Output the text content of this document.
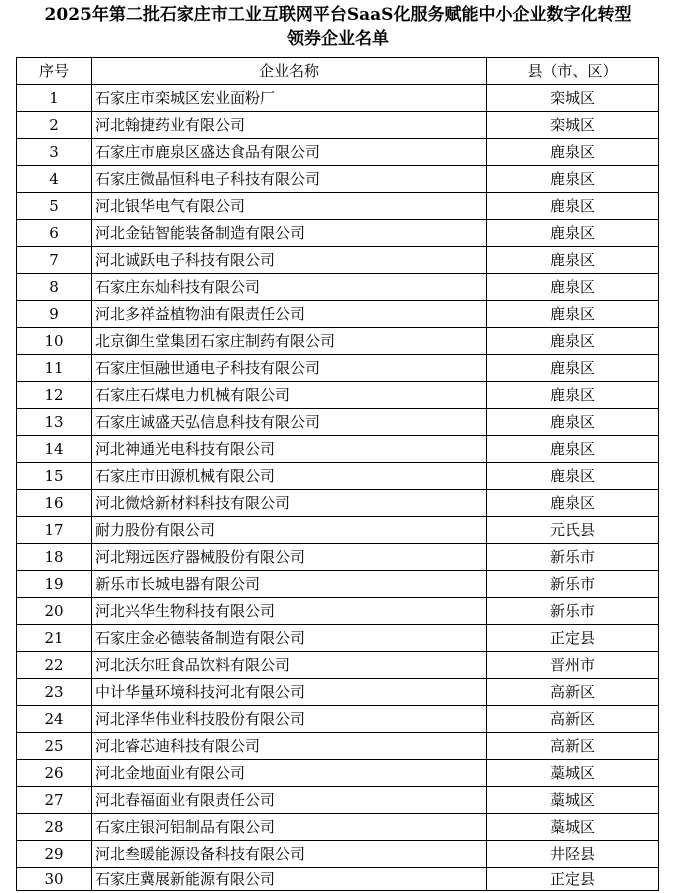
2025年第二批石家庄市工业互联网平台SaaS化服务赋能中小企业数字化转型
领券企业名单
序号	企业名称	县（市、区）
1	石家庄市栾城区宏业面粉厂	栾城区
2	河北翰捷药业有限公司	栾城区
3	石家庄市鹿泉区盛达食品有限公司	鹿泉区
4	石家庄微晶恒科电子科技有限公司	鹿泉区
5	河北银华电气有限公司	鹿泉区
6	河北金钻智能装备制造有限公司	鹿泉区
7	河北诚跃电子科技有限公司	鹿泉区
8	石家庄东灿科技有限公司	鹿泉区
9	河北多祥益植物油有限责任公司	鹿泉区
10	北京御生堂集团石家庄制药有限公司	鹿泉区
11	石家庄恒融世通电子科技有限公司	鹿泉区
12	石家庄石煤电力机械有限公司	鹿泉区
13	石家庄诚盛天弘信息科技有限公司	鹿泉区
14	河北神通光电科技有限公司	鹿泉区
15	石家庄市田源机械有限公司	鹿泉区
16	河北微焓新材料科技有限公司	鹿泉区
17	耐力股份有限公司	元氏县
18	河北翔远医疗器械股份有限公司	新乐市
19	新乐市长城电器有限公司	新乐市
20	河北兴华生物科技有限公司	新乐市
21	石家庄金必德装备制造有限公司	正定县
22	河北沃尔旺食品饮料有限公司	晋州市
23	中计华量环境科技河北有限公司	高新区
24	河北泽华伟业科技股份有限公司	高新区
25	河北睿芯迪科技有限公司	高新区
26	河北金地面业有限公司	藁城区
27	河北春福面业有限责任公司	藁城区
28	石家庄银河铝制品有限公司	藁城区
29	河北叁暖能源设备科技有限公司	井陉县
30	石家庄冀展新能源有限公司	正定县
